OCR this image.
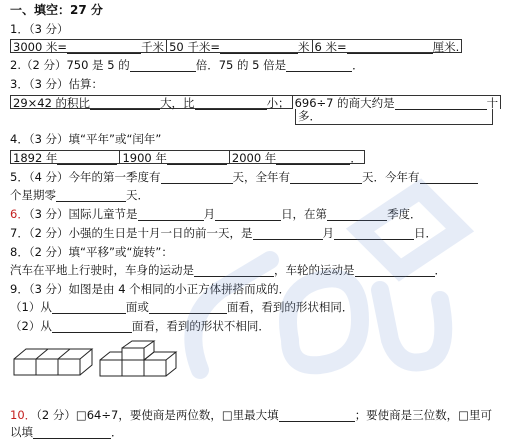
一、填空：27 分
1．（3 分）
3000 米=	千米 50 千米=	米 6 米=	厘米.
2.（2 分）750 是 5 的	倍．75 的 5 倍是	．
3．（3 分）估算：
29×42 的积比	大，比	小； 696÷7 的商大约是	十
多．
4．（3 分）填“平年”或“闰年”
1892 年	1900 年	2000 年	．
5．（4 分）今年的第一季度有	天，全年有	天．今年有
个星期零	天．
6．（3 分）国际儿童节是	月	日，在第	季度．
7．（2 分）小强的生日是十月一日的前一天，是	月	日．
8．（2 分）填“平移”或“旋转”：
汽车在平地上行驶时，车身的运动是	，车轮的运动是	．
9．（3 分）如图是由 4 个相同的小正方体拼搭而成的．
（1）从	面或	面看，看到的形状相同．
（2）从	面看，看到的形状不相同．
10．（2 分）□64÷7，要使商是两位数，□里最大填	；要使商是三位数，□里可
以填	．
